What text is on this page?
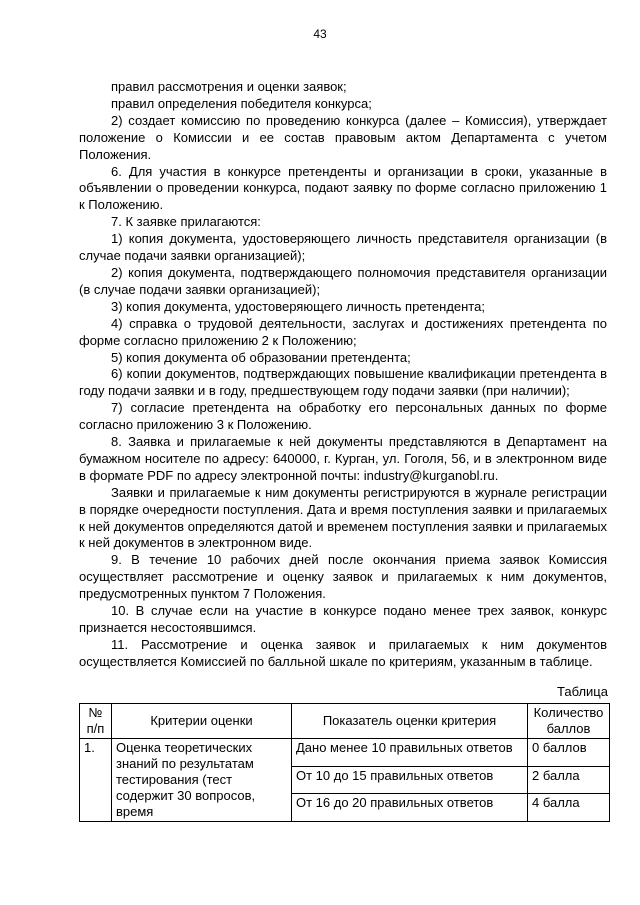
43

правил рассмотрения и оценки заявок;

правил определения победителя конкурса;

2) создает комиссию по проведению конкурса (далее – Комиссия), утверждает положение о Комиссии и ее состав правовым актом Департамента с учетом Положения.

6. Для участия в конкурсе претенденты и организации в сроки, указанные в объявлении о проведении конкурса, подают заявку по форме согласно приложению 1 к Положению.

7. К заявке прилагаются:

1) копия документа, удостоверяющего личность представителя организации (в случае подачи заявки организацией);

2) копия документа, подтверждающего полномочия представителя организации (в случае подачи заявки организацией);

3) копия документа, удостоверяющего личность претендента;

4) справка о трудовой деятельности, заслугах и достижениях претендента по форме согласно приложению 2 к Положению;

5) копия документа об образовании претендента;

6) копии документов, подтверждающих повышение квалификации претендента в году подачи заявки и в году, предшествующем году подачи заявки (при наличии);

7) согласие претендента на обработку его персональных данных по форме согласно приложению 3 к Положению.

8. Заявка и прилагаемые к ней документы представляются в Департамент на бумажном носителе по адресу: 640000, г. Курган, ул. Гоголя, 56, и в электронном виде в формате PDF по адресу электронной почты: industry@kurganobl.ru.

Заявки и прилагаемые к ним документы регистрируются в журнале регистрации в порядке очередности поступления. Дата и время поступления заявки и прилагаемых к ней документов определяются датой и временем поступления заявки и прилагаемых к ней документов в электронном виде.

9. В течение 10 рабочих дней после окончания приема заявок Комиссия осуществляет рассмотрение и оценку заявок и прилагаемых к ним документов, предусмотренных пунктом 7 Положения.

10. В случае если на участие в конкурсе подано менее трех заявок, конкурс признается несостоявшимся.

11. Рассмотрение и оценка заявок и прилагаемых к ним документов осуществляется Комиссией по балльной шкале по критериям, указанным в таблице.

Таблица
№ п/п	Критерии оценки	Показатель оценки критерия	Количество баллов
1.	Оценка теоретических знаний по результатам тестирования (тест содержит 30 вопросов, время	Дано менее 10 правильных ответов	0 баллов
		От 10 до 15 правильных ответов	2 балла
		От 16 до 20 правильных ответов	4 балла
